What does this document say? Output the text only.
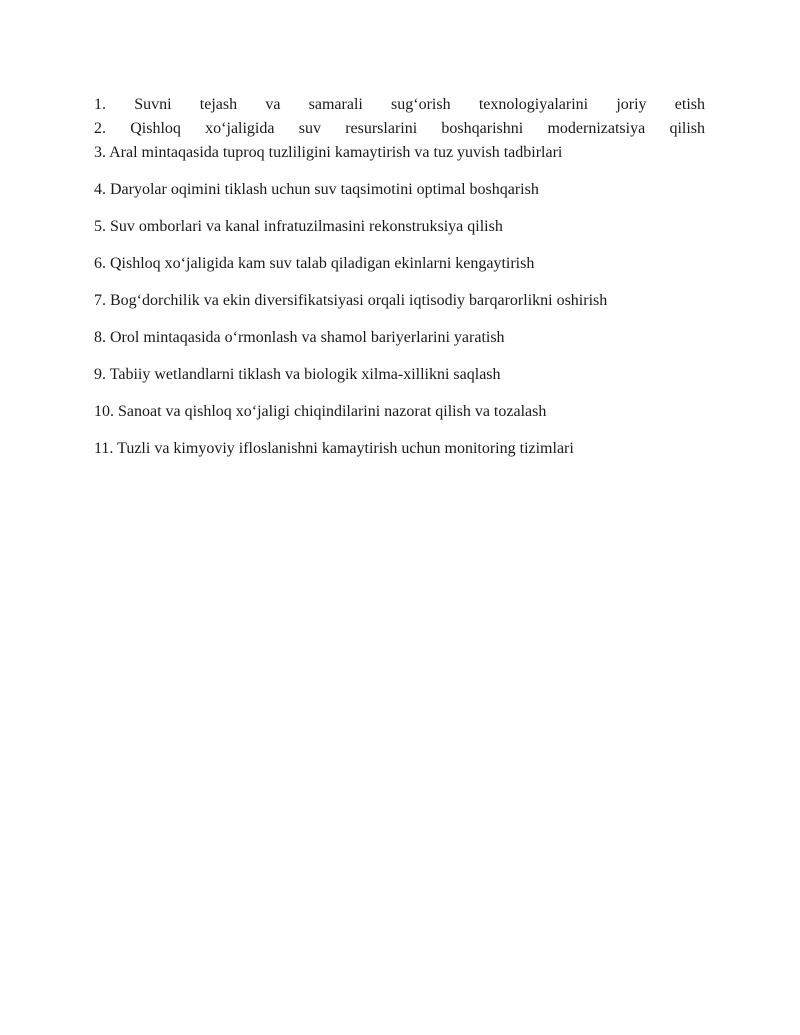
1. Suvni tejash va samarali sug‘orish texnologiyalarini joriy etish
2. Qishloq xo‘jaligida suv resurslarini boshqarishni modernizatsiya qilish
3. Aral mintaqasida tuproq tuzliligini kamaytirish va tuz yuvish tadbirlari
4. Daryolar oqimini tiklash uchun suv taqsimotini optimal boshqarish
5. Suv omborlari va kanal infratuzilmasini rekonstruksiya qilish
6. Qishloq xo‘jaligida kam suv talab qiladigan ekinlarni kengaytirish
7. Bog‘dorchilik va ekin diversifikatsiyasi orqali iqtisodiy barqarorlikni oshirish
8. Orol mintaqasida o‘rmonlash va shamol bariyerlarini yaratish
9. Tabiiy wetlandlarni tiklash va biologik xilma-xillikni saqlash
10. Sanoat va qishloq xo‘jaligi chiqindilarini nazorat qilish va tozalash
11. Tuzli va kimyoviy ifloslanishni kamaytirish uchun monitoring tizimlari
